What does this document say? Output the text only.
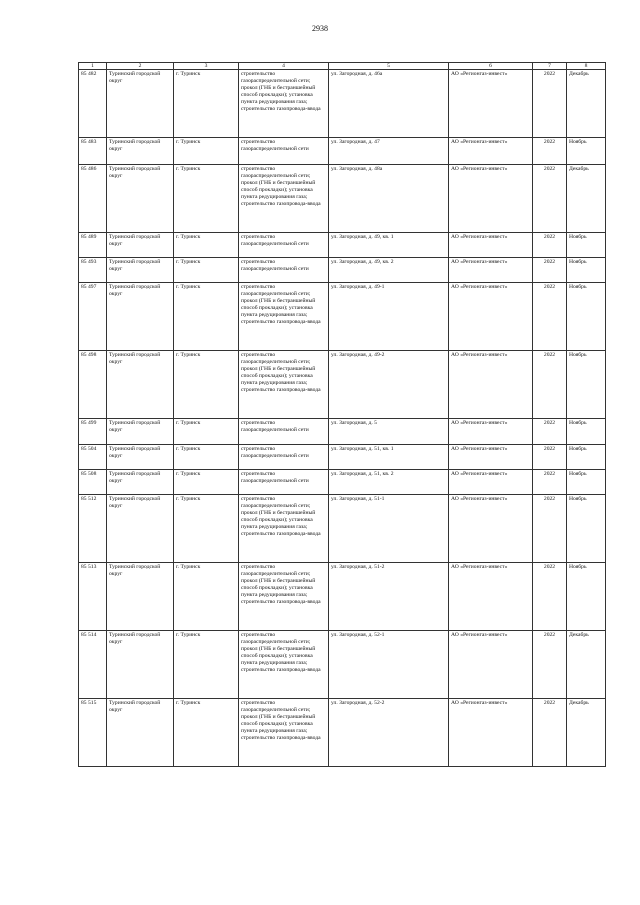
2938
1	2	3	4	5	6	7	8
85 482	Туринский городской округ	г. Туринск	строительство газораспределительной сети; прокол (ГНБ и бестраншейный способ прокладки); установка пункта редуцирования газа; строительство газопровода-ввода	ул. Загородная, д. 46а	АО «Регионгаз-инвест»	2022	Декабрь
85 483	Туринский городской округ	г. Туринск	строительство газораспределительной сети	ул. Загородная, д. 47	АО «Регионгаз-инвест»	2022	Ноябрь
85 486	Туринский городской округ	г. Туринск	строительство газораспределительной сети; прокол (ГНБ и бестраншейный способ прокладки); установка пункта редуцирования газа; строительство газопровода-ввода	ул. Загородная, д. 48а	АО «Регионгаз-инвест»	2022	Декабрь
85 489	Туринский городской округ	г. Туринск	строительство газораспределительной сети	ул. Загородная, д. 49, кв. 1	АО «Регионгаз-инвест»	2022	Ноябрь
85 493	Туринский городской округ	г. Туринск	строительство газораспределительной сети	ул. Загородная, д. 49, кв. 2	АО «Регионгаз-инвест»	2022	Ноябрь
85 497	Туринский городской округ	г. Туринск	строительство газораспределительной сети; прокол (ГНБ и бестраншейный способ прокладки); установка пункта редуцирования газа; строительство газопровода-ввода	ул. Загородная, д. 49-1	АО «Регионгаз-инвест»	2022	Ноябрь
85 498	Туринский городской округ	г. Туринск	строительство газораспределительной сети; прокол (ГНБ и бестраншейный способ прокладки); установка пункта редуцирования газа; строительство газопровода-ввода	ул. Загородная, д. 49-2	АО «Регионгаз-инвест»	2022	Ноябрь
85 499	Туринский городской округ	г. Туринск	строительство газораспределительной сети	ул. Загородная, д. 5	АО «Регионгаз-инвест»	2022	Ноябрь
85 504	Туринский городской округ	г. Туринск	строительство газораспределительной сети	ул. Загородная, д. 51, кв. 1	АО «Регионгаз-инвест»	2022	Ноябрь
85 508	Туринский городской округ	г. Туринск	строительство газораспределительной сети	ул. Загородная, д. 51, кв. 2	АО «Регионгаз-инвест»	2022	Ноябрь
85 512	Туринский городской округ	г. Туринск	строительство газораспределительной сети; прокол (ГНБ и бестраншейный способ прокладки); установка пункта редуцирования газа; строительство газопровода-ввода	ул. Загородная, д. 51-1	АО «Регионгаз-инвест»	2022	Ноябрь
85 513	Туринский городской округ	г. Туринск	строительство газораспределительной сети; прокол (ГНБ и бестраншейный способ прокладки); установка пункта редуцирования газа; строительство газопровода-ввода	ул. Загородная, д. 51-2	АО «Регионгаз-инвест»	2022	Ноябрь
85 514	Туринский городской округ	г. Туринск	строительство газораспределительной сети; прокол (ГНБ и бестраншейный способ прокладки); установка пункта редуцирования газа; строительство газопровода-ввода	ул. Загородная, д. 52-1	АО «Регионгаз-инвест»	2022	Декабрь
85 515	Туринский городской округ	г. Туринск	строительство газораспределительной сети; прокол (ГНБ и бестраншейный способ прокладки); установка пункта редуцирования газа; строительство газопровода-ввода	ул. Загородная, д. 52-2	АО «Регионгаз-инвест»	2022	Декабрь
